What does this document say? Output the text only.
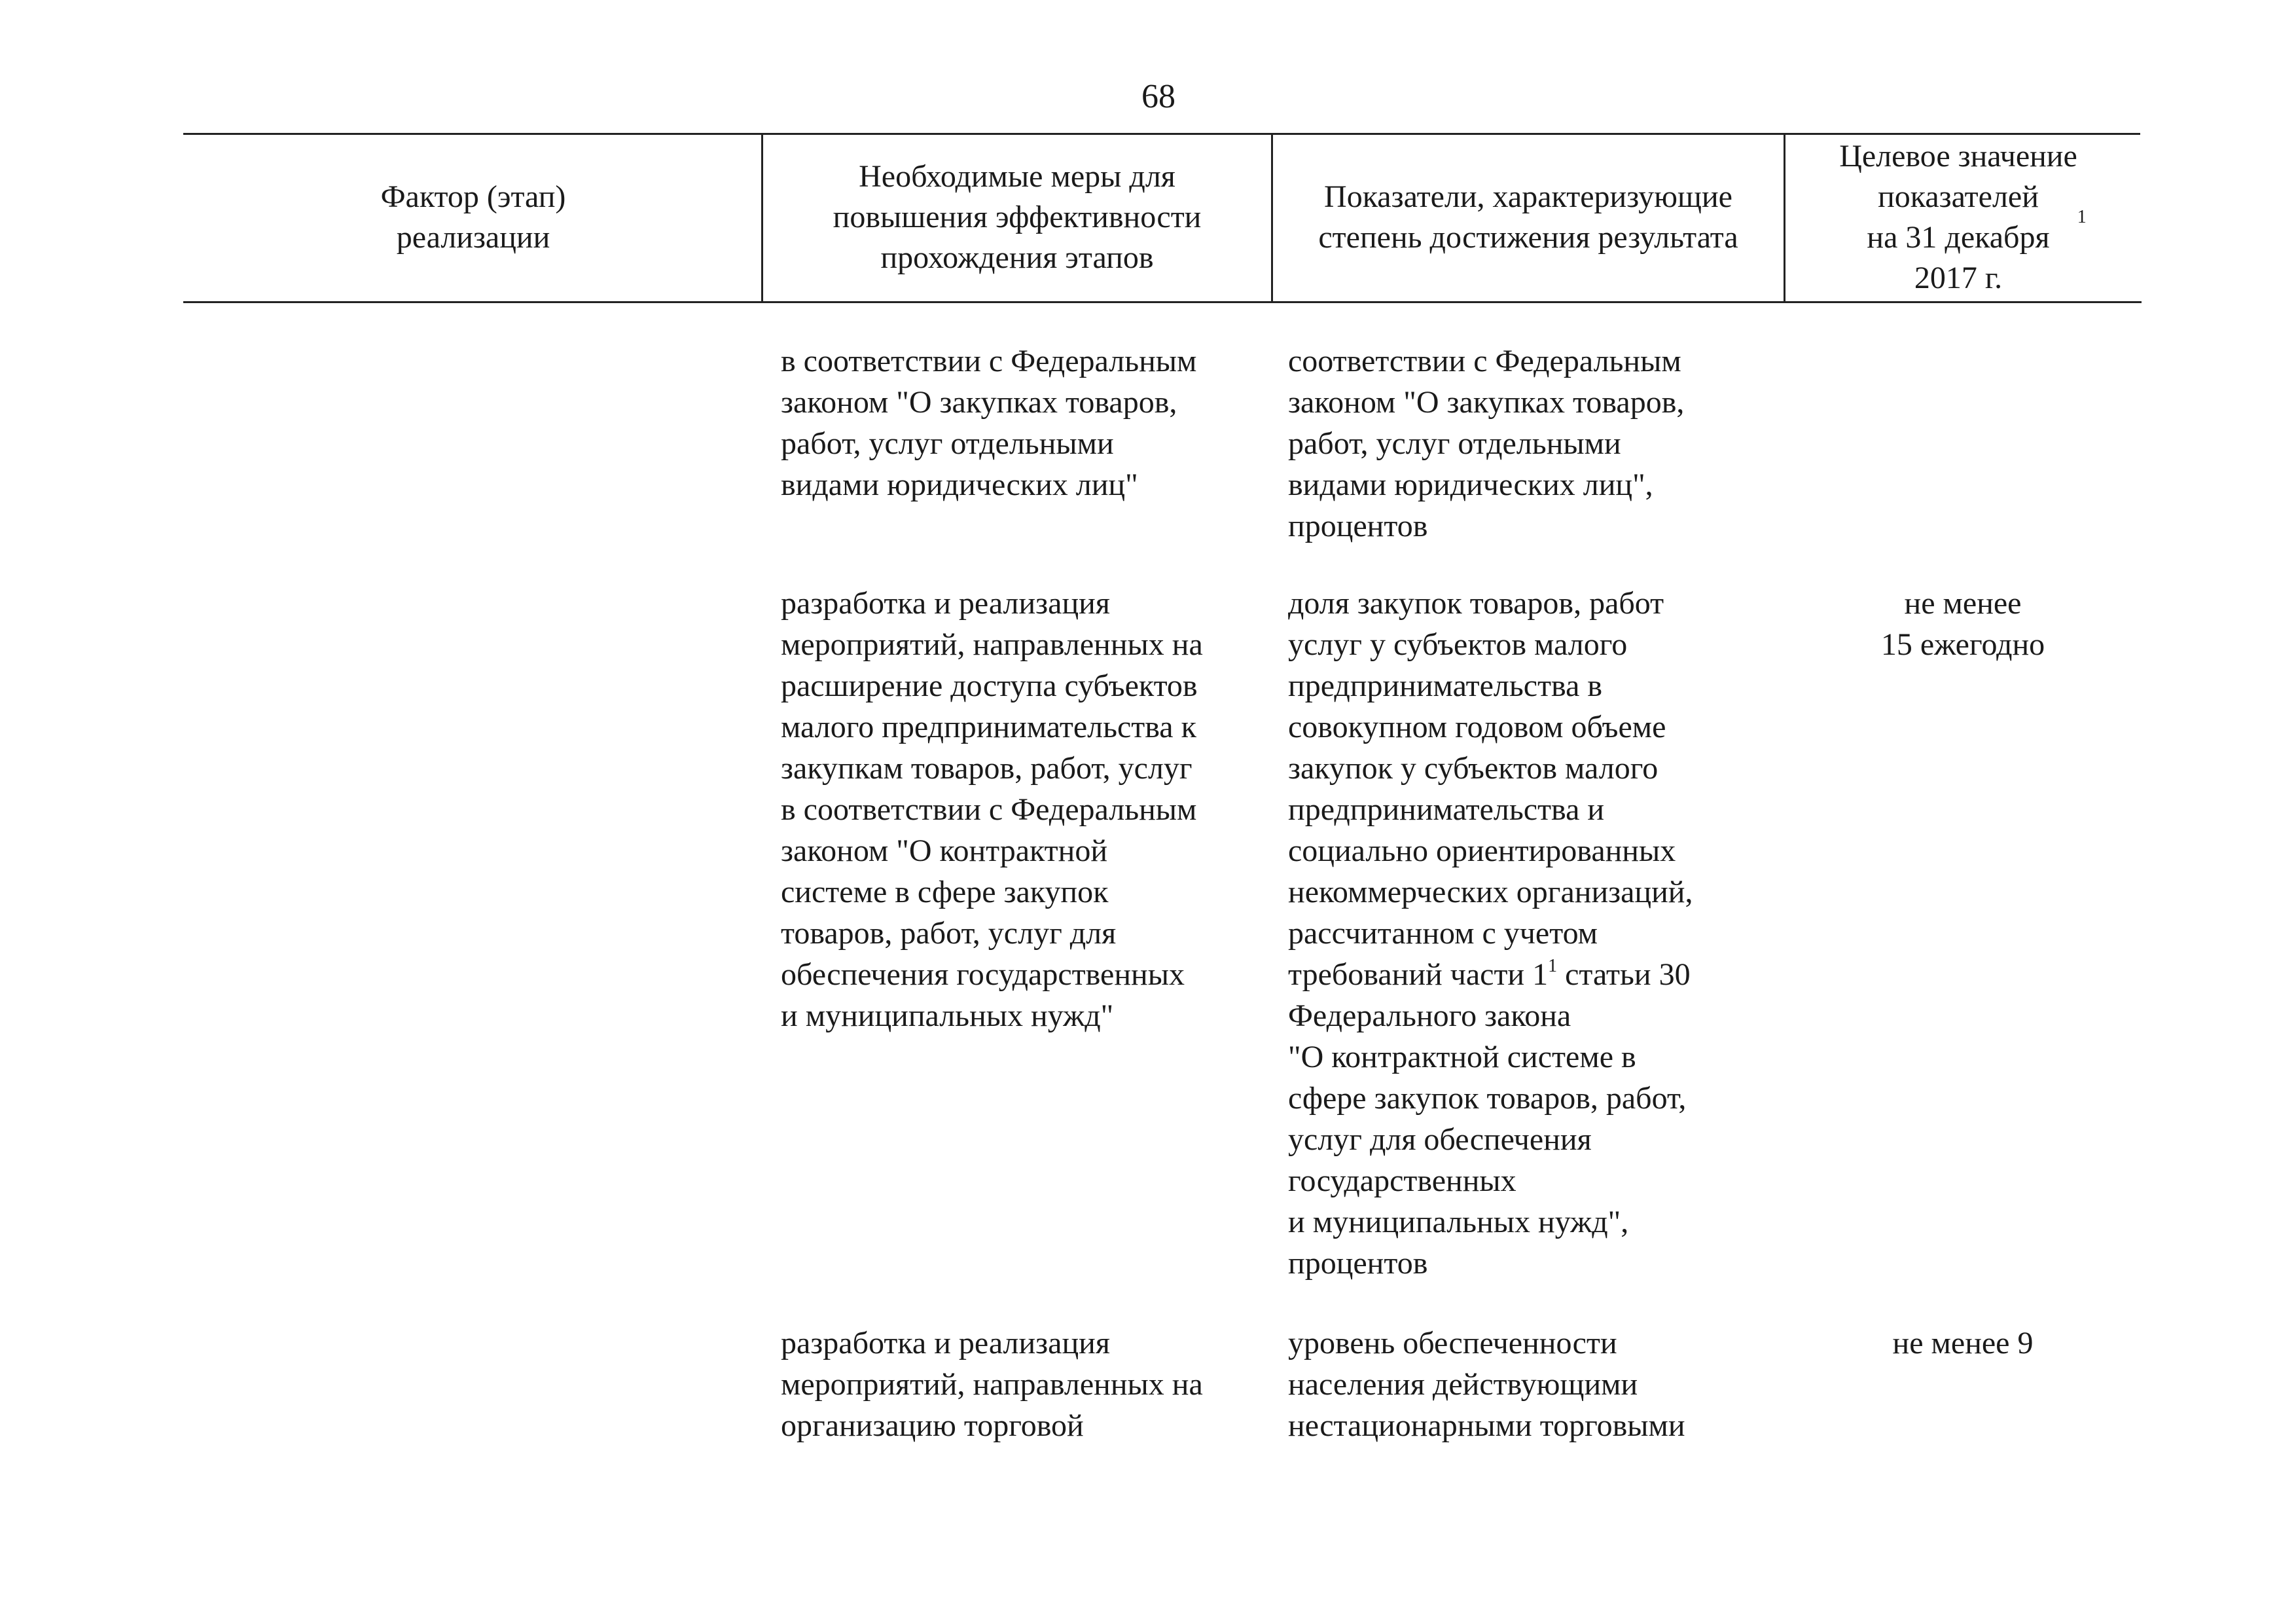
68
Фактор (этап)
реализации
Необходимые меры для
повышения эффективности
прохождения этапов
Показатели, характеризующие
степень достижения результата
Целевое значение
показателей
на 31 декабря
2017 г.
1
в соответствии с Федеральным
законом "О закупках товаров,
работ, услуг отдельными
видами юридических лиц"
соответствии с Федеральным
законом "О закупках товаров,
работ, услуг отдельными
видами юридических лиц",
процентов
разработка и реализация
мероприятий, направленных на
расширение доступа субъектов
малого предпринимательства к
закупкам товаров, работ, услуг
в соответствии с Федеральным
законом "О контрактной
системе в сфере закупок
товаров, работ, услуг для
обеспечения государственных
и муниципальных нужд"
доля закупок товаров, работ
услуг у субъектов малого
предпринимательства в
совокупном годовом объеме
закупок у субъектов малого
предпринимательства и
социально ориентированных
некоммерческих организаций,
рассчитанном с учетом
требований части $1^1$ статьи 30
Федерального закона
"О контрактной системе в
сфере закупок товаров, работ,
услуг для обеспечения
государственных
и муниципальных нужд",
процентов
не менее
15 ежегодно
разработка и реализация
мероприятий, направленных на
организацию торговой
уровень обеспеченности
населения действующими
нестационарными торговыми
не менее 9
